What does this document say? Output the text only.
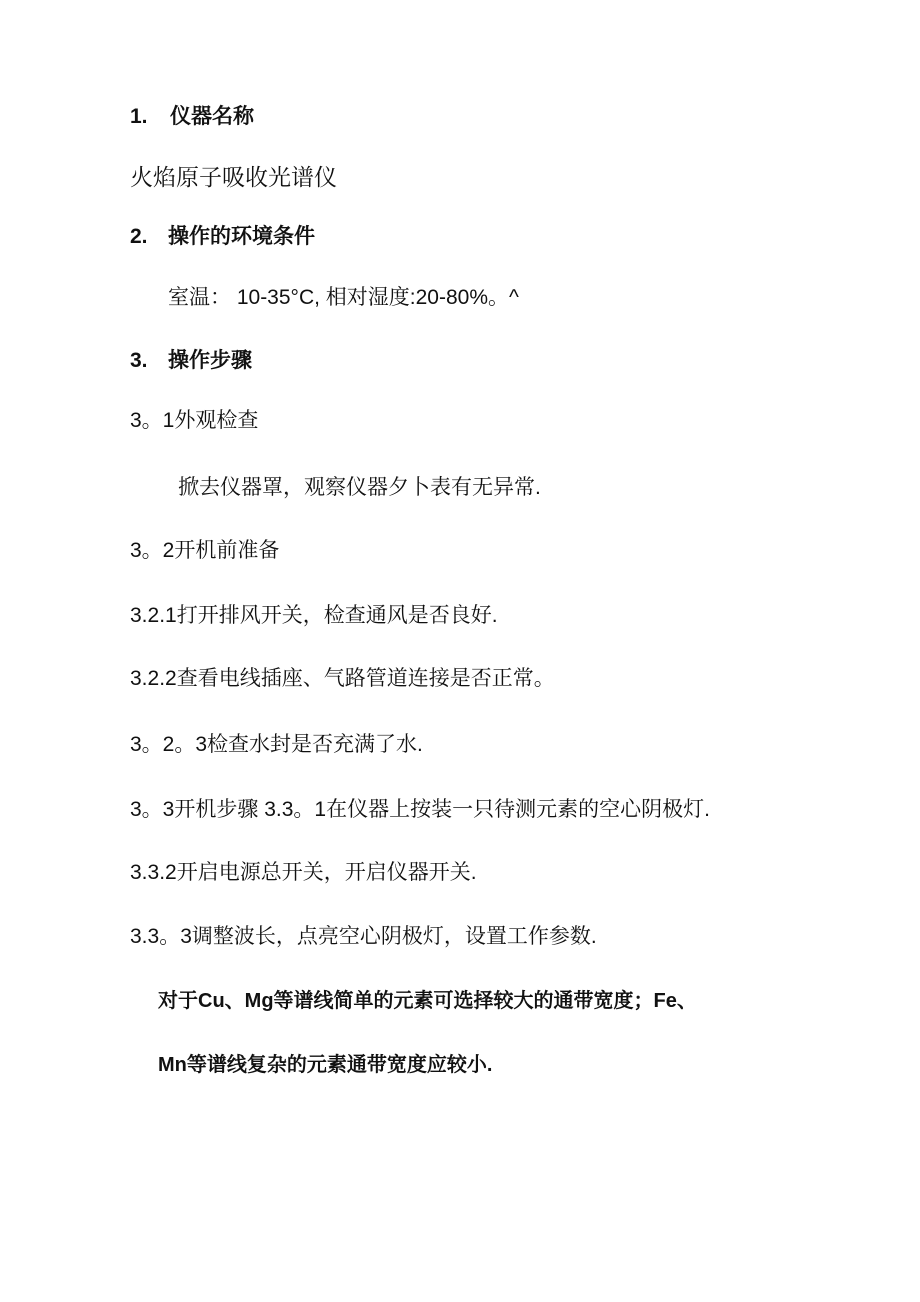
1. 仪器名称
火焰原子吸收光谱仪
2. 操作的环境条件
室温： 10-35°C, 相对湿度:20-80%。^
3. 操作步骤
3。1外观检查
掀去仪器罩，观察仪器夕卜表有无异常.
3。2开机前准备
3.2.1打开排风开关，检查通风是否良好.
3.2.2查看电线插座、气路管道连接是否正常。
3。2。3检查水封是否充满了水.
3。3开机步骤 3.3。1在仪器上按装一只待测元素的空心阴极灯.
3.3.2开启电源总开关，开启仪器开关.
3.3。3调整波长，点亮空心阴极灯，设置工作参数.
对于Cu、Mg等谱线简单的元素可选择较大的通带宽度；Fe、
Mn等谱线复杂的元素通带宽度应较小.
